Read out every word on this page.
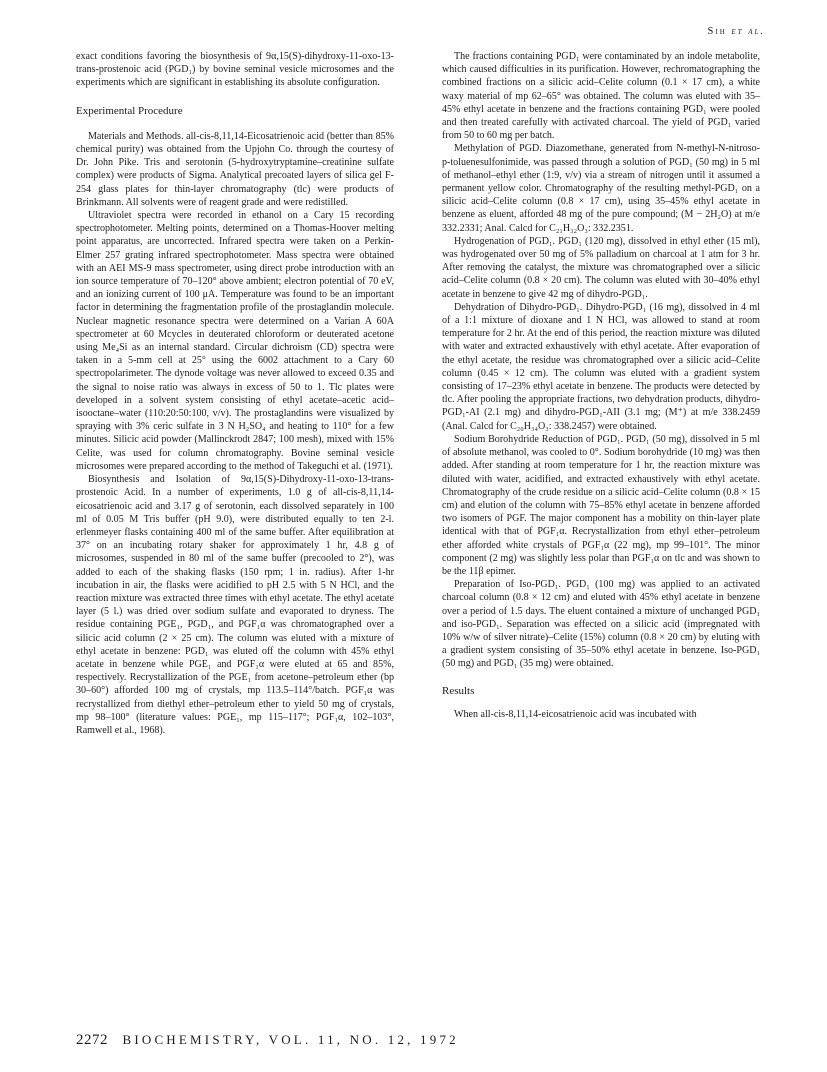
Sih et al.

exact conditions favoring the biosynthesis of 9α,15(S)-dihydroxy-11-oxo-13-trans-prostenoic acid (PGD₁) by bovine seminal vesicle microsomes and the experiments which are significant in establishing its absolute configuration.

Experimental Procedure

Materials and Methods. all-cis-8,11,14-Eicosatrienoic acid (better than 85% chemical purity) was obtained from the Upjohn Co. through the courtesy of Dr. John Pike. Tris and serotonin (5-hydroxytryptamine–creatinine sulfate complex) were products of Sigma. Analytical precoated layers of silica gel F-254 glass plates for thin-layer chromatography (tlc) were products of Brinkmann. All solvents were of reagent grade and were redistilled.

Ultraviolet spectra were recorded in ethanol on a Cary 15 recording spectrophotometer. Melting points, determined on a Thomas-Hoover melting point apparatus, are uncorrected. Infrared spectra were taken on a Perkin-Elmer 257 grating infrared spectrophotometer. Mass spectra were obtained with an AEI MS-9 mass spectrometer, using direct probe introduction with an ion source temperature of 70–120° above ambient; electron potential of 70 eV, and an ionizing current of 100 μA. Temperature was found to be an important factor in determining the fragmentation profile of the prostaglandin molecule. Nuclear magnetic resonance spectra were determined on a Varian A 60A spectrometer at 60 Mcycles in deuterated chloroform or deuterated acetone using Me₄Si as an internal standard. Circular dichroism (CD) spectra were taken in a 5-mm cell at 25° using the 6002 attachment to a Cary 60 spectropolarimeter. The dynode voltage was never allowed to exceed 0.35 and the signal to noise ratio was always in excess of 50 to 1. Tlc plates were developed in a solvent system consisting of ethyl acetate–acetic acid–isooctane–water (110:20:50:100, v/v). The prostaglandins were visualized by spraying with 3% ceric sulfate in 3 N H₂SO₄ and heating to 110° for a few minutes. Silicic acid powder (Mallinckrodt 2847; 100 mesh), mixed with 15% Celite, was used for column chromatography. Bovine seminal vesicle microsomes were prepared according to the method of Takeguchi et al. (1971).

Biosynthesis and Isolation of 9α,15(S)-Dihydroxy-11-oxo-13-trans-prostenoic Acid. In a number of experiments, 1.0 g of all-cis-8,11,14-eicosatrienoic acid and 3.17 g of serotonin, each dissolved separately in 100 ml of 0.05 M Tris buffer (pH 9.0), were distributed equally to ten 2-l. erlenmeyer flasks containing 400 ml of the same buffer. After equilibration at 37° on an incubating rotary shaker for approximately 1 hr, 4.8 g of microsomes, suspended in 80 ml of the same buffer (precooled to 2°), was added to each of the shaking flasks (150 rpm; 1 in. radius). After 1-hr incubation in air, the flasks were acidified to pH 2.5 with 5 N HCl, and the reaction mixture was extracted three times with ethyl acetate. The ethyl acetate layer (5 l.) was dried over sodium sulfate and evaporated to dryness. The residue containing PGE₁, PGD₁, and PGF₁α was chromatographed over a silicic acid column (2 × 25 cm). The column was eluted with a mixture of ethyl acetate in benzene: PGD₁ was eluted off the column with 45% ethyl acetate in benzene while PGE₁ and PGF₁α were eluted at 65 and 85%, respectively. Recrystallization of the PGE₁ from acetone–petroleum ether (bp 30–60°) afforded 100 mg of crystals, mp 113.5–114°/batch. PGF₁α was recrystallized from diethyl ether–petroleum ether to yield 50 mg of crystals, mp 98–100° (literature values: PGE₁, mp 115–117°; PGF₁α, 102–103°, Ramwell et al., 1968).

The fractions containing PGD₁ were contaminated by an indole metabolite, which caused difficulties in its purification. However, rechromatographing the combined fractions on a silicic acid–Celite column (0.1 × 17 cm), a white waxy material of mp 62–65° was obtained. The column was eluted with 35–45% ethyl acetate in benzene and the fractions containing PGD₁ were pooled and then treated carefully with activated charcoal. The yield of PGD₁ varied from 50 to 60 mg per batch.

Methylation of PGD. Diazomethane, generated from N-methyl-N-nitroso-p-toluenesulfonimide, was passed through a solution of PGD₁ (50 mg) in 5 ml of methanol–ethyl ether (1:9, v/v) via a stream of nitrogen until it assumed a permanent yellow color. Chromatography of the resulting methyl-PGD₁ on a silicic acid–Celite column (0.8 × 17 cm), using 35–45% ethyl acetate in benzene as eluent, afforded 48 mg of the pure compound; (M − 2H₂O) at m/e 332.2331; Anal. Calcd for C₂₁H₃₂O₃: 332.2351.

Hydrogenation of PGD₁. PGD₁ (120 mg), dissolved in ethyl ether (15 ml), was hydrogenated over 50 mg of 5% palladium on charcoal at 1 atm for 3 hr. After removing the catalyst, the mixture was chromatographed over a silicic acid–Celite column (0.8 × 20 cm). The column was eluted with 30–40% ethyl acetate in benzene to give 42 mg of dihydro-PGD₁.

Dehydration of Dihydro-PGD₁. Dihydro-PGD₁ (16 mg), dissolved in 4 ml of a 1:1 mixture of dioxane and 1 N HCl, was allowed to stand at room temperature for 2 hr. At the end of this period, the reaction mixture was diluted with water and extracted exhaustively with ethyl acetate. After evaporation of the ethyl acetate, the residue was chromatographed over a silicic acid–Celite column (0.45 × 12 cm). The column was eluted with a gradient system consisting of 17–23% ethyl acetate in benzene. The products were detected by tlc. After pooling the appropriate fractions, two dehydration products, dihydro-PGD₁-AI (2.1 mg) and dihydro-PGD₁-AII (3.1 mg; (M⁺) at m/e 338.2459 (Anal. Calcd for C₂₀H₃₄O₃: 338.2457) were obtained.

Sodium Borohydride Reduction of PGD₁. PGD₁ (50 mg), dissolved in 5 ml of absolute methanol, was cooled to 0°. Sodium borohydride (10 mg) was then added. After standing at room temperature for 1 hr, the reaction mixture was diluted with water, acidified, and extracted exhaustively with ethyl acetate. Chromatography of the crude residue on a silicic acid–Celite column (0.8 × 15 cm) and elution of the column with 75–85% ethyl acetate in benzene afforded two isomers of PGF. The major component has a mobility on thin-layer plate identical with that of PGF₁α. Recrystallization from ethyl ether–petroleum ether afforded white crystals of PGF₁α (22 mg), mp 99–101°. The minor component (2 mg) was slightly less polar than PGF₁α on tlc and was shown to be the 11β epimer.

Preparation of Iso-PGD₁. PGD₁ (100 mg) was applied to an activated charcoal column (0.8 × 12 cm) and eluted with 45% ethyl acetate in benzene over a period of 1.5 days. The eluent contained a mixture of unchanged PGD₁ and iso-PGD₁. Separation was effected on a silicic acid (impregnated with 10% w/w of silver nitrate)–Celite (15%) column (0.8 × 20 cm) by eluting with a gradient system consisting of 35–50% ethyl acetate in benzene. Iso-PGD₁ (50 mg) and PGD₁ (35 mg) were obtained.

Results

When all-cis-8,11,14-eicosatrienoic acid was incubated with

2272 BIOCHEMISTRY, VOL. 11, NO. 12, 1972
